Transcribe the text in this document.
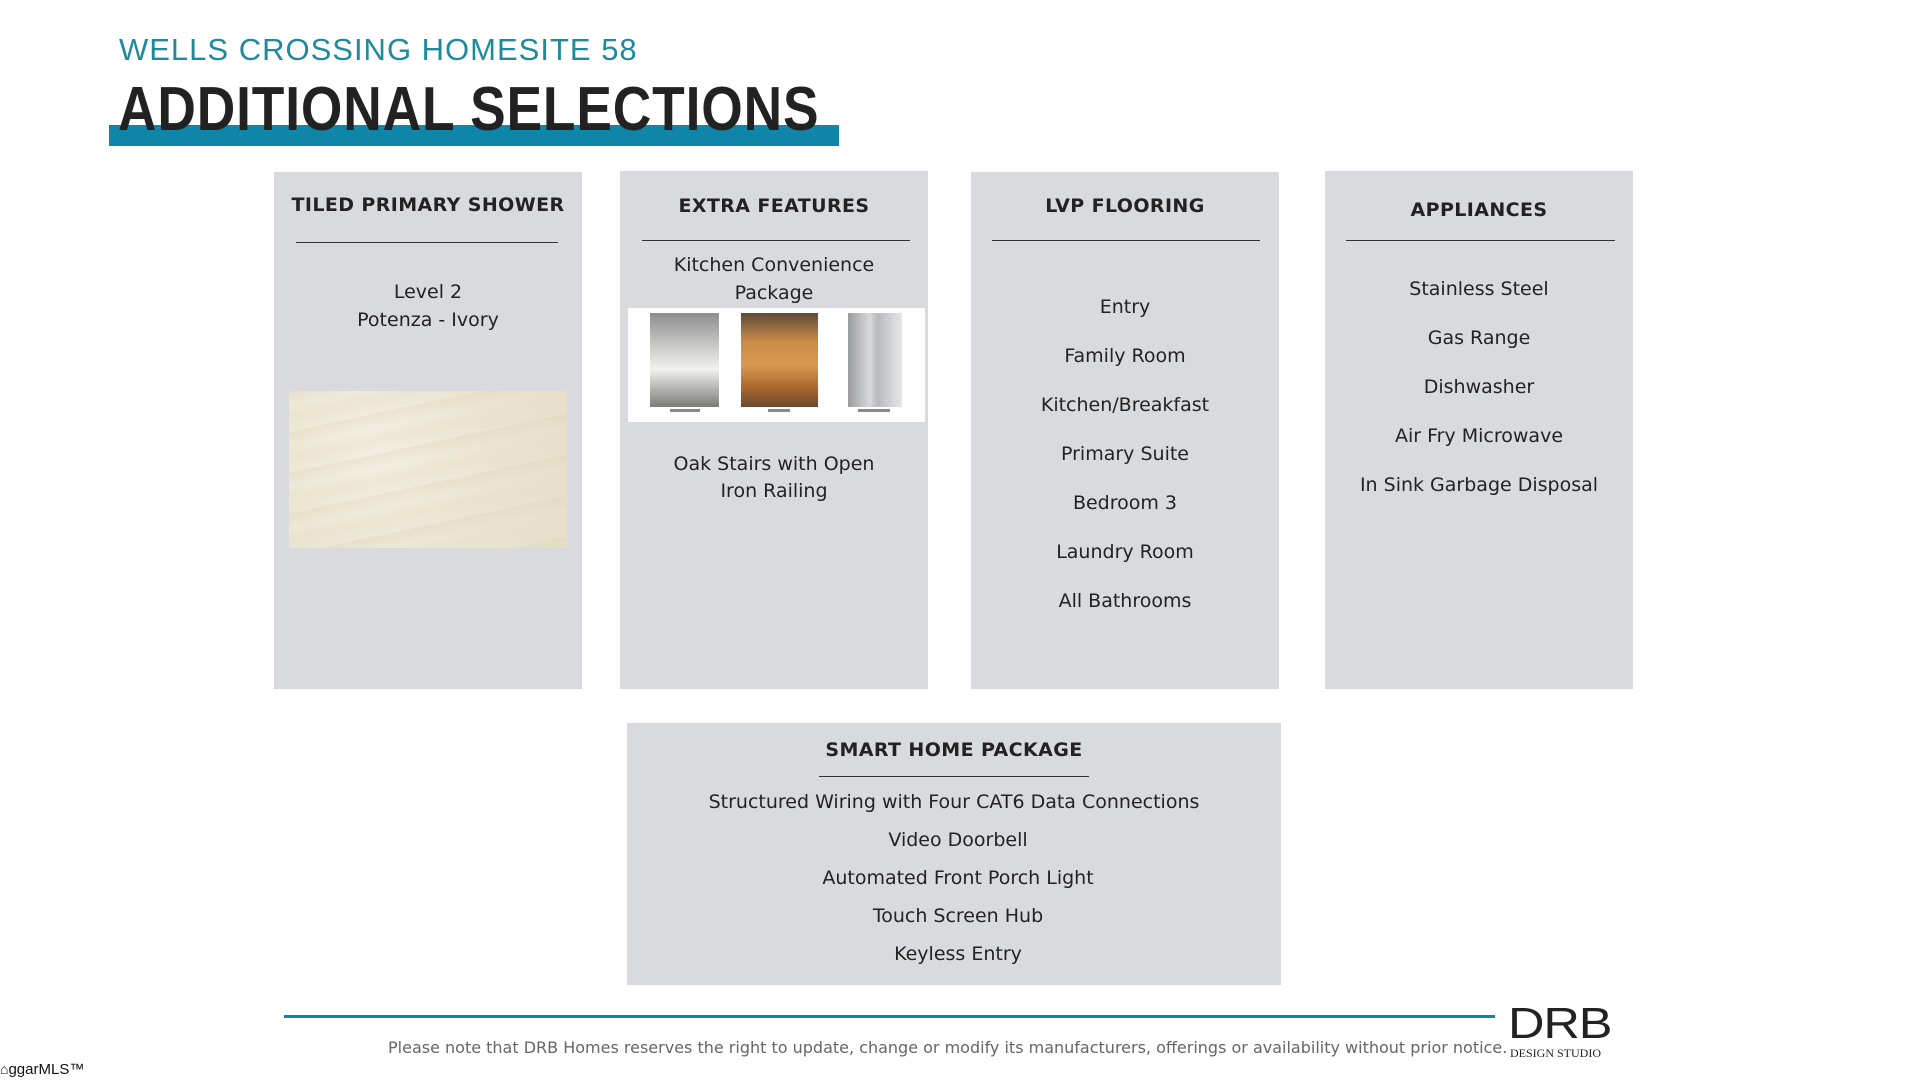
WELLS CROSSING HOMESITE 58
ADDITIONAL SELECTIONS
TILED PRIMARY SHOWER
Level 2
Potenza - Ivory
EXTRA FEATURES
Kitchen Convenience
Package
Oak Stairs with Open
Iron Railing
LVP FLOORING
Entry
Family Room
Kitchen/Breakfast
Primary Suite
Bedroom 3
Laundry Room
All Bathrooms
APPLIANCES
Stainless Steel
Gas Range
Dishwasher
Air Fry Microwave
In Sink Garbage Disposal
SMART HOME PACKAGE
Structured Wiring with Four CAT6 Data Connections
Video Doorbell
Automated Front Porch Light
Touch Screen Hub
Keyless Entry
Please note that DRB Homes reserves the right to update, change or modify its manufacturers, offerings or availability without prior notice. DRB
DESIGN STUDIO
⌂ggarMLS™
